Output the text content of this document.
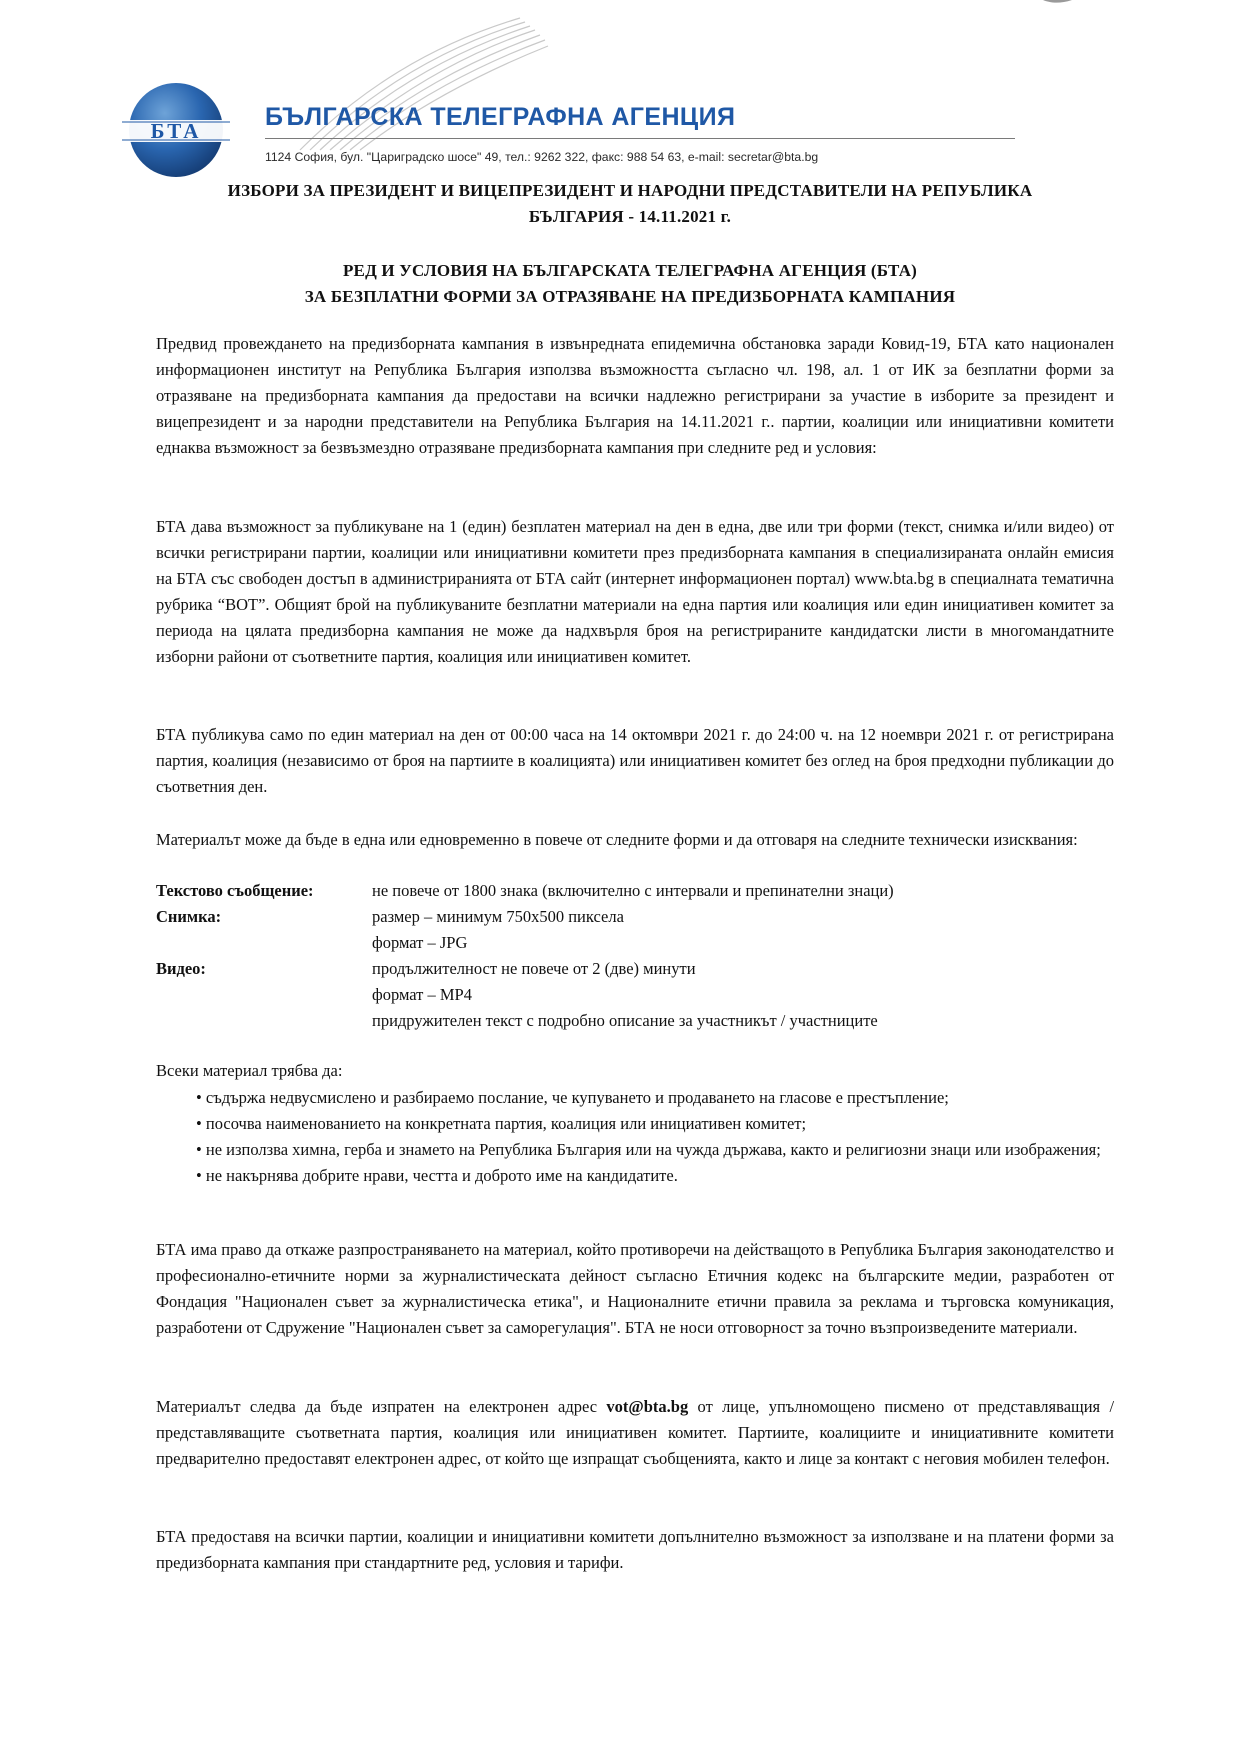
БТА	БЪЛГАРСКА ТЕЛЕГРАФНА АГЕНЦИЯ
1124 София, бул. "Цариградско шосе" 49, тел.: 9262 322, факс: 988 54 63, e-mail: secretar@bta.bg
ИЗБОРИ ЗА ПРЕЗИДЕНТ И ВИЦЕПРЕЗИДЕНТ И НАРОДНИ ПРЕДСТАВИТЕЛИ НА РЕПУБЛИКА
БЪЛГАРИЯ - 14.11.2021 г.
РЕД И УСЛОВИЯ НА БЪЛГАРСКАТА ТЕЛЕГРАФНА АГЕНЦИЯ (БТА)
ЗА БЕЗПЛАТНИ ФОРМИ ЗА ОТРАЗЯВАНЕ НА ПРЕДИЗБОРНАТА КАМПАНИЯ

Предвид провеждането на предизборната кампания в извънредната епидемична обстановка заради Ковид-19, БТА като национален информационен институт на Република България използва възможността съгласно чл. 198, ал. 1 от ИК за безплатни форми за отразяване на предизборната кампания да предостави на всички надлежно регистрирани за участие в изборите за президент и вицепрезидент и за народни представители на Република България на 14.11.2021 г.. партии, коалиции или инициативни комитети еднаква възможност за безвъзмездно отразяване предизборната кампания при следните ред и условия:

БТА дава възможност за публикуване на 1 (един) безплатен материал на ден в една, две или три форми (текст, снимка и/или видео) от всички регистрирани партии, коалиции или инициативни комитети през предизборната кампания в специализираната онлайн емисия на БТА със свободен достъп в администриранията от БТА сайт (интернет информационен портал) www.bta.bg в специалната тематична рубрика “ВОТ”. Общият брой на публикуваните безплатни материали на една партия или коалиция или един инициативен комитет за периода на цялата предизборна кампания не може да надхвърля броя на регистрираните кандидатски листи в многомандатните изборни райони от съответните партия, коалиция или инициативен комитет.

БТА публикува само по един материал на ден от 00:00 часа на 14 октомври 2021 г. до 24:00 ч. на 12 ноември 2021 г. от регистрирана партия, коалиция (независимо от броя на партиите в коалицията) или инициативен комитет без оглед на броя предходни публикации до съответния ден.

Материалът може да бъде в една или едновременно в повече от следните форми и да отговаря на следните технически изисквания:

Текстово съобщение:	не повече от 1800 знака (включително с интервали и препинателни знаци)
Снимка:	размер – минимум 750х500 пиксела
формат – JPG
Видео:	продължителност не повече от 2 (две) минути
формат – MP4
придружителен текст с подробно описание за участникът / участниците

Всеки материал трябва да:

• съдържа недвусмислено и разбираемо послание, че купуването и продаването на гласове е престъпление;

• посочва наименованието на конкретната партия, коалиция или инициативен комитет;

• не използва химна, герба и знамето на Република България или на чужда държава, както и религиозни знаци или изображения;

• не накърнява добрите нрави, честта и доброто име на кандидатите.

БТА има право да откаже разпространяването на материал, който противоречи на действащото в Република България законодателство и професионално-етичните норми за журналистическата дейност съгласно Етичния кодекс на българските медии, разработен от Фондация "Национален съвет за журналистическа етика", и Националните етични правила за реклама и търговска комуникация, разработени от Сдружение "Национален съвет за саморегулация". БТА не носи отговорност за точно възпроизведените материали.

Материалът следва да бъде изпратен на електронен адрес vot@bta.bg от лице, упълномощено писмено от представляващия / представляващите съответната партия, коалиция или инициативен комитет. Партиите, коалициите и инициативните комитети предварително предоставят електронен адрес, от който ще изпращат съобщенията, както и лице за контакт с неговия мобилен телефон.

БТА предоставя на всички партии, коалиции и инициативни комитети допълнително възможност за използване и на платени форми за предизборната кампания при стандартните ред, условия и тарифи.
